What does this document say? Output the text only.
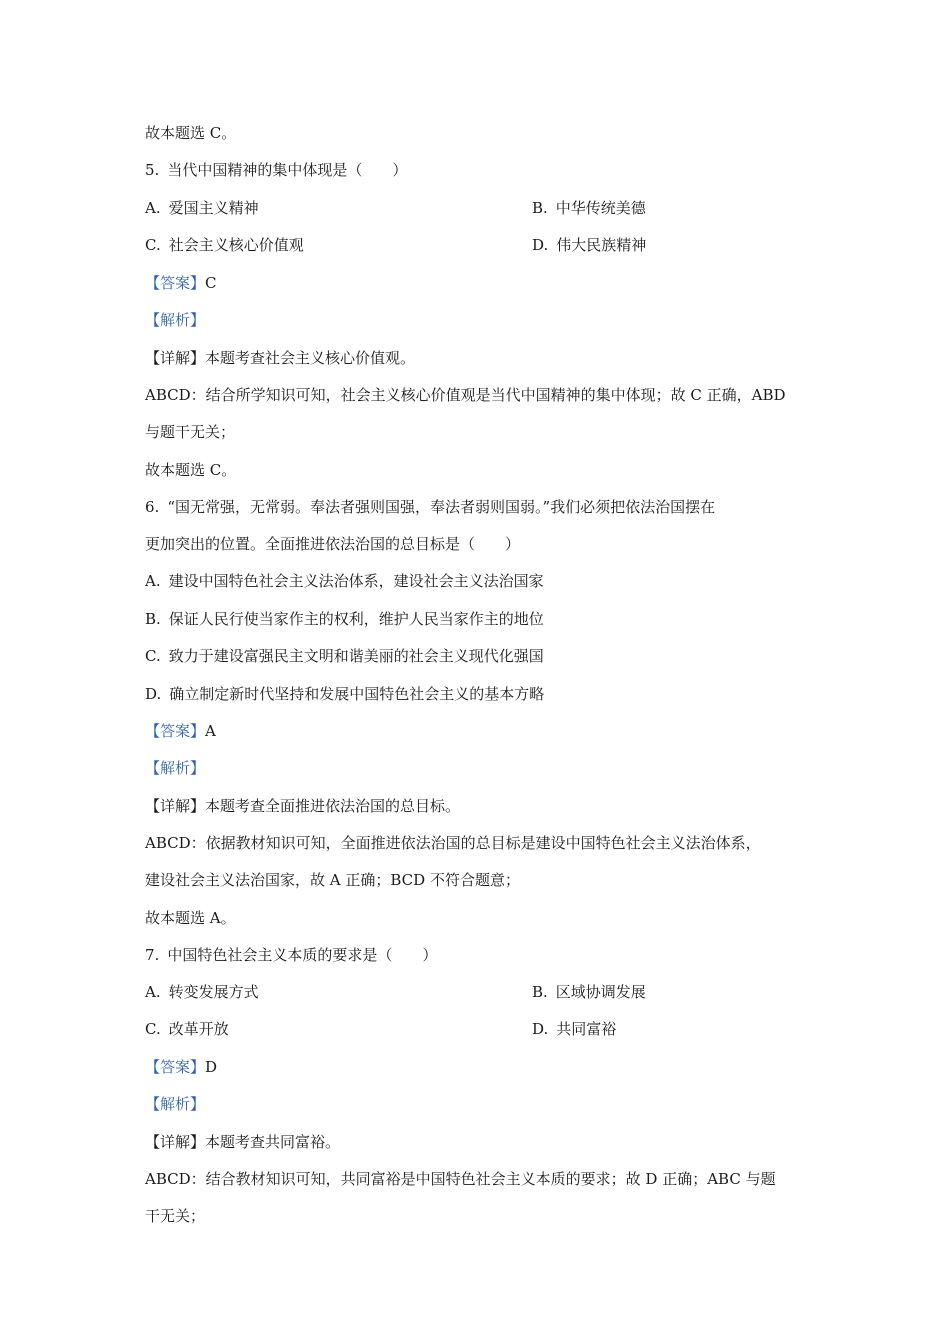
故本题选 C。
5. 当代中国精神的集中体现是（　　）
A. 爱国主义精神	B. 中华传统美德
C. 社会主义核心价值观	D. 伟大民族精神
【答案】C
【解析】
【详解】本题考查社会主义核心价值观。
ABCD：结合所学知识可知，社会主义核心价值观是当代中国精神的集中体现；故 C 正确，ABD
与题干无关；
故本题选 C。
6. “国无常强，无常弱。奉法者强则国强，奉法者弱则国弱。”我们必须把依法治国摆在
更加突出的位置。全面推进依法治国的总目标是（　　）
A. 建设中国特色社会主义法治体系，建设社会主义法治国家
B. 保证人民行使当家作主的权利，维护人民当家作主的地位
C. 致力于建设富强民主文明和谐美丽的社会主义现代化强国
D. 确立制定新时代坚持和发展中国特色社会主义的基本方略
【答案】A
【解析】
【详解】本题考查全面推进依法治国的总目标。
ABCD：依据教材知识可知，全面推进依法治国的总目标是建设中国特色社会主义法治体系，
建设社会主义法治国家，故 A 正确；BCD 不符合题意；
故本题选 A。
7. 中国特色社会主义本质的要求是（　　）
A. 转变发展方式	B. 区域协调发展
C. 改革开放	D. 共同富裕
【答案】D
【解析】
【详解】本题考查共同富裕。
ABCD：结合教材知识可知，共同富裕是中国特色社会主义本质的要求；故 D 正确；ABC 与题
干无关；
